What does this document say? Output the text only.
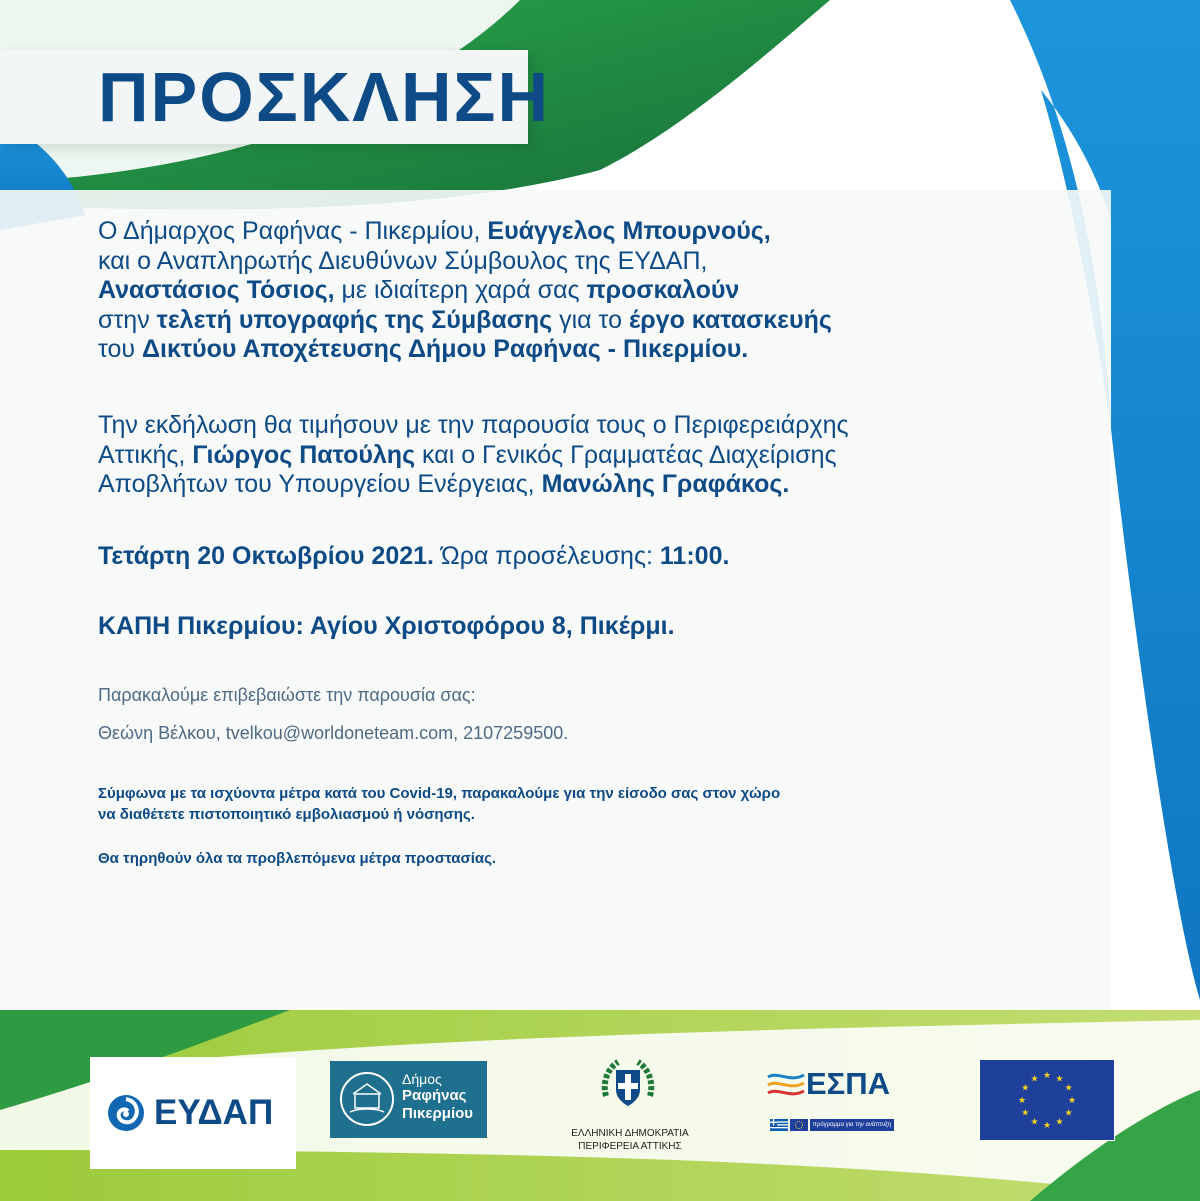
ΠΡΟΣΚΛΗΣΗ

Ο Δήμαρχος Ραφήνας - Πικερμίου, Ευάγγελος Μπουρνούς,

και ο Αναπληρωτής Διευθύνων Σύμβουλος της ΕΥΔΑΠ,

Αναστάσιος Τόσιος, με ιδιαίτερη χαρά σας προσκαλούν

στην τελετή υπογραφής της Σύμβασης για το έργο κατασκευής

του Δικτύου Αποχέτευσης Δήμου Ραφήνας - Πικερμίου.

Την εκδήλωση θα τιμήσουν με την παρουσία τους ο Περιφερειάρχης

Αττικής, Γιώργος Πατούλης και ο Γενικός Γραμματέας Διαχείρισης

Αποβλήτων του Υπουργείου Ενέργειας, Μανώλης Γραφάκος.

Τετάρτη 20 Οκτωβρίου 2021. Ώρα προσέλευσης: 11:00.

ΚΑΠΗ Πικερμίου: Αγίου Χριστοφόρου 8, Πικέρμι.

Παρακαλούμε επιβεβαιώστε την παρουσία σας:

Θεώνη Βέλκου, tvelkou@worldoneteam.com, 2107259500.

Σύμφωνα με τα ισχύοντα μέτρα κατά του Covid-19, παρακαλούμε για την είσοδο σας στον χώρο

να διαθέτετε πιστοποιητικό εμβολιασμού ή νόσησης.

Θα τηρηθούν όλα τα προβλεπόμενα μέτρα προστασίας.

ΕΥΔΑΠ
Δήμος
Ραφήνας
Πικερμίου
ΕΛΛΗΝΙΚΗ ΔΗΜΟΚΡΑΤΙΑ
ΠΕΡΙΦΕΡΕΙΑ ΑΤΤΙΚΗΣ
ΕΣΠΑ
πρόγραμμα για την ανάπτυξη
★ ★
★
★
★
★
★
★
★
★
★
★
